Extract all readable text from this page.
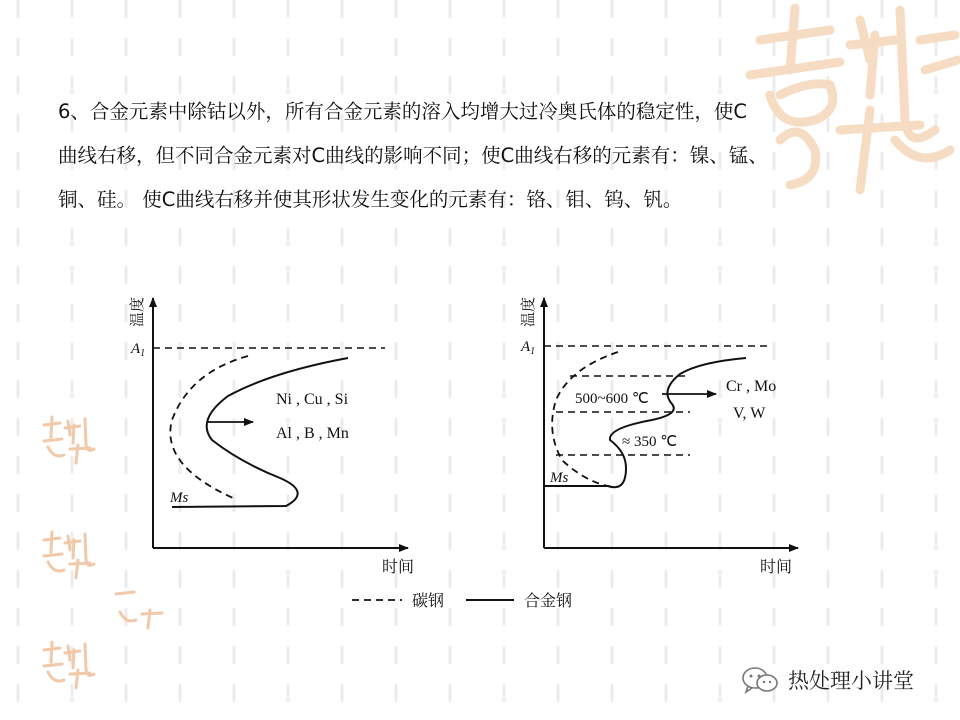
6、合金元素中除钴以外，所有合金元素的溶入均增大过冷奥氏体的稳定性，使C
曲线右移，但不同合金元素对C曲线的影响不同；使C曲线右移的元素有：镍、锰、
铜、硅。 使C曲线右移并使其形状发生变化的元素有：铬、钼、钨、钒。
温度
时间
$A_1$
Ms
Ni , Cu , Si
Al , B , Mn
温度
时间
$A_1$
500~600 ℃
≈ 350 ℃
Ms
Cr , Mo
V, W
碳钢	合金钢
热处理小讲堂
